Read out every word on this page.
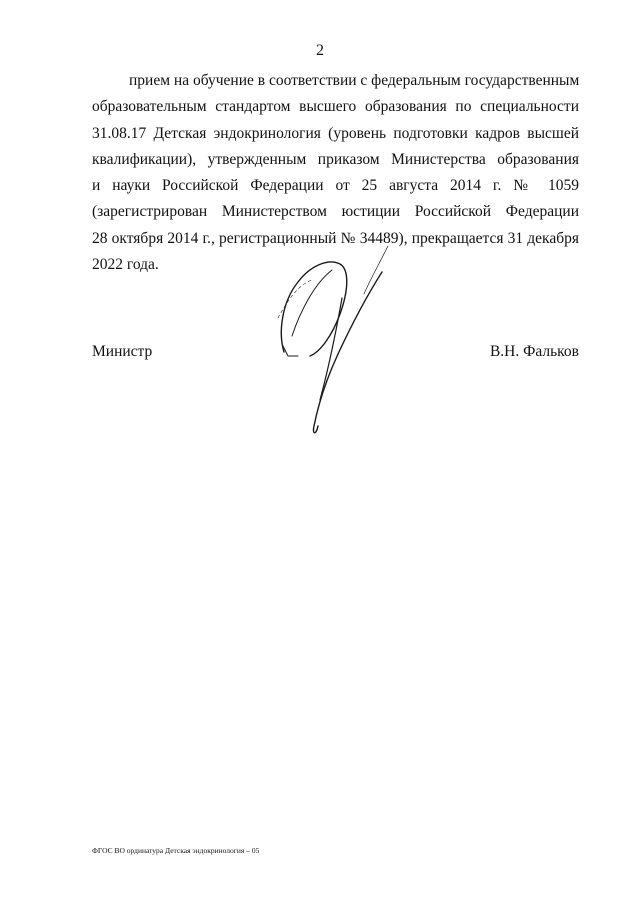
2
прием на обучение в соответствии с федеральным государственным
образовательным стандартом высшего образования по специальности
31.08.17 Детская эндокринология (уровень подготовки кадров высшей
квалификации), утвержденным приказом Министерства образования
и науки Российской Федерации от 25 августа 2014 г. № 1059
(зарегистрирован Министерством юстиции Российской Федерации
28 октября 2014 г., регистрационный № 34489), прекращается 31 декабря
2022 года.
Министр	В.Н. Фальков
ФГОС ВО ординатура Детская эндокринология – 05
